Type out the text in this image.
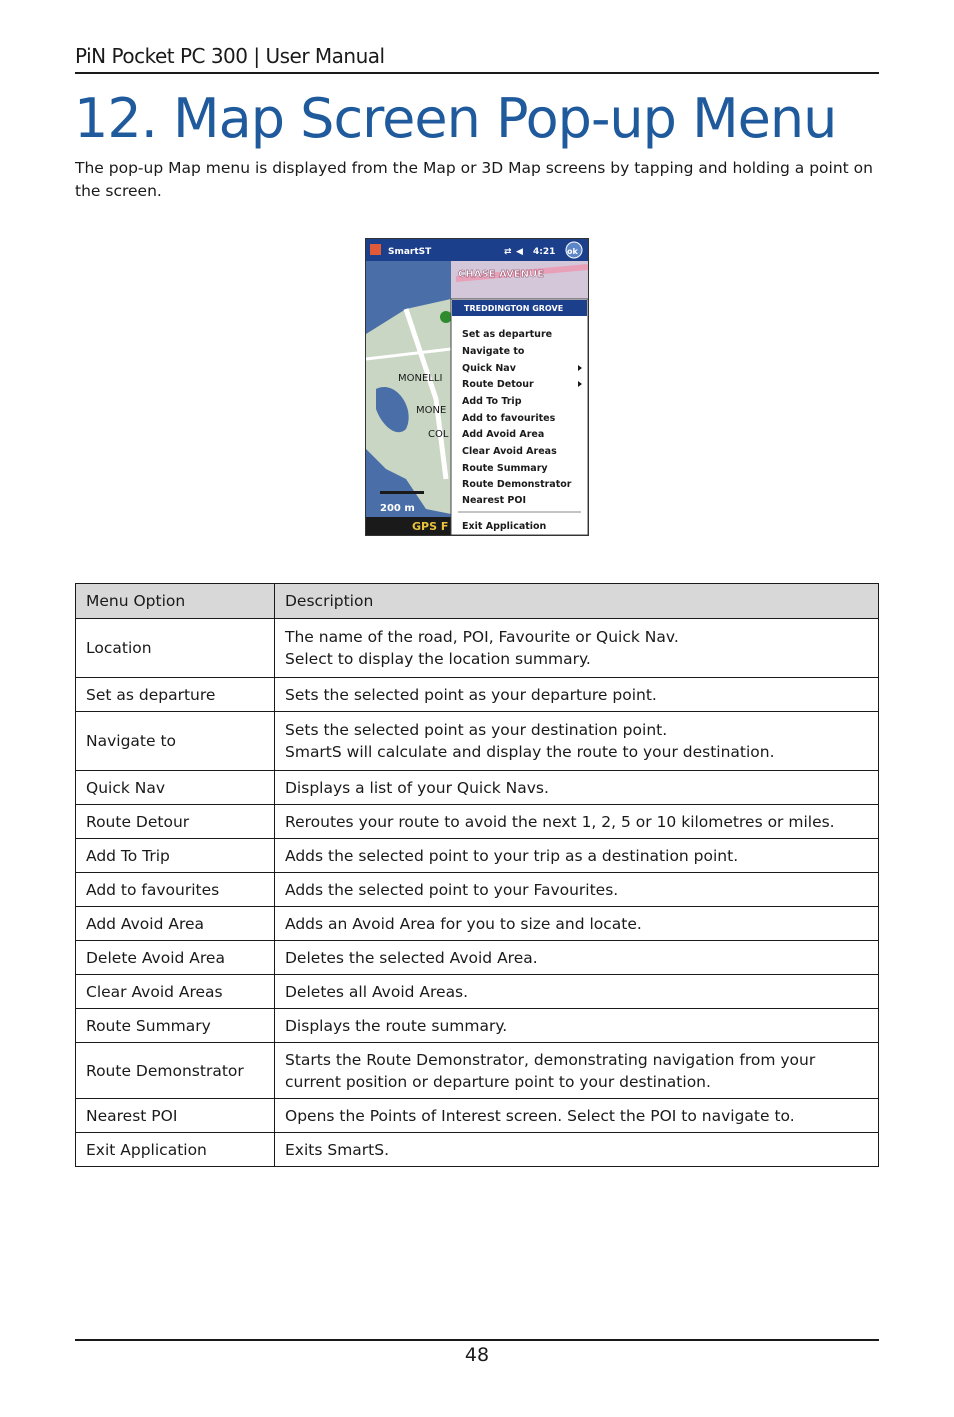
PiN Pocket PC 300 | User Manual
12. Map Screen Pop-up Menu

The pop-up Map menu is displayed from the Map or 3D Map screens by tapping and holding a point on the screen.

CHASE AVENUE
MONELLI
MONE
COL
200 m
GPS F
SmartST	⇄ ◀ 4:21 ok
TREDDINGTON GROVE
Set as departure
Navigate to
Quick Nav
Route Detour
Add To Trip
Add to favourites
Add Avoid Area
Clear Avoid Areas
Route Summary
Route Demonstrator
Nearest POI
Exit Application
Menu Option	Description
Location	The name of the road, POI, Favourite or Quick Nav.
Select to display the location summary.

Set as departure	Sets the selected point as your departure point.
Navigate to	Sets the selected point as your destination point.
SmartS will calculate and display the route to your destination.

Quick Nav	Displays a list of your Quick Navs.
Route Detour	Reroutes your route to avoid the next 1, 2, 5 or 10 kilometres or miles.
Add To Trip	Adds the selected point to your trip as a destination point.
Add to favourites	Adds the selected point to your Favourites.
Add Avoid Area	Adds an Avoid Area for you to size and locate.
Delete Avoid Area	Deletes the selected Avoid Area.
Clear Avoid Areas	Deletes all Avoid Areas.
Route Summary	Displays the route summary.
Route Demonstrator	Starts the Route Demonstrator, demonstrating navigation from your current position or departure point to your destination.
Nearest POI	Opens the Points of Interest screen. Select the POI to navigate to.
Exit Application	Exits SmartS.
48
